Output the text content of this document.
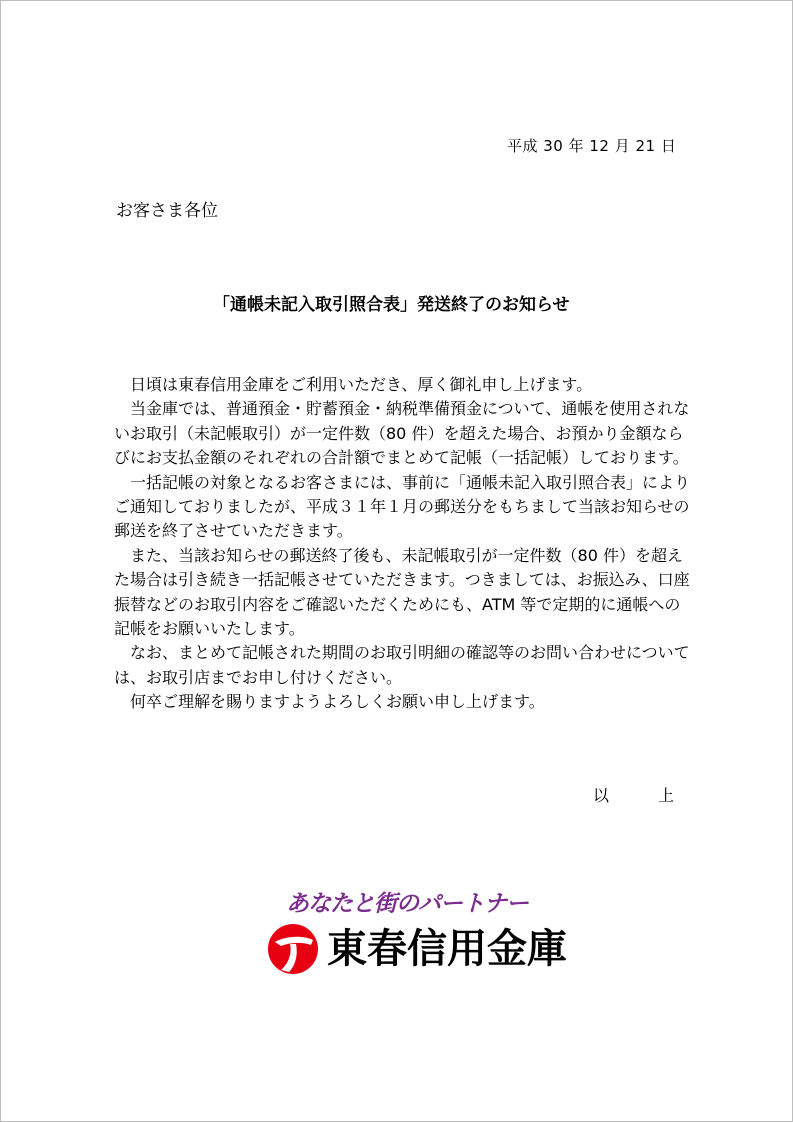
平成 30 年 12 月 21 日
お客さま各位
「通帳未記入取引照合表」発送終了のお知らせ

日頃は東春信用金庫をご利用いただき、厚く御礼申し上げます。

当金庫では、普通預金・貯蓄預金・納税準備預金について、通帳を使用されないお取引（未記帳取引）が一定件数（80 件）を超えた場合、お預かり金額ならびにお支払金額のそれぞれの合計額でまとめて記帳（一括記帳）しております。

一括記帳の対象となるお客さまには、事前に「通帳未記入取引照合表」によりご通知しておりましたが、平成３１年１月の郵送分をもちまして当該お知らせの郵送を終了させていただきます。

また、当該お知らせの郵送終了後も、未記帳取引が一定件数（80 件）を超えた場合は引き続き一括記帳させていただきます。つきましては、お振込み、口座振替などのお取引内容をご確認いただくためにも、ATM 等で定期的に通帳への記帳をお願いいたします。

なお、まとめて記帳された期間のお取引明細の確認等のお問い合わせについては、お取引店までお申し付けください。

何卒ご理解を賜りますようよろしくお願い申し上げます。

以 上
あなたと街のパートナー
東春信用金庫
